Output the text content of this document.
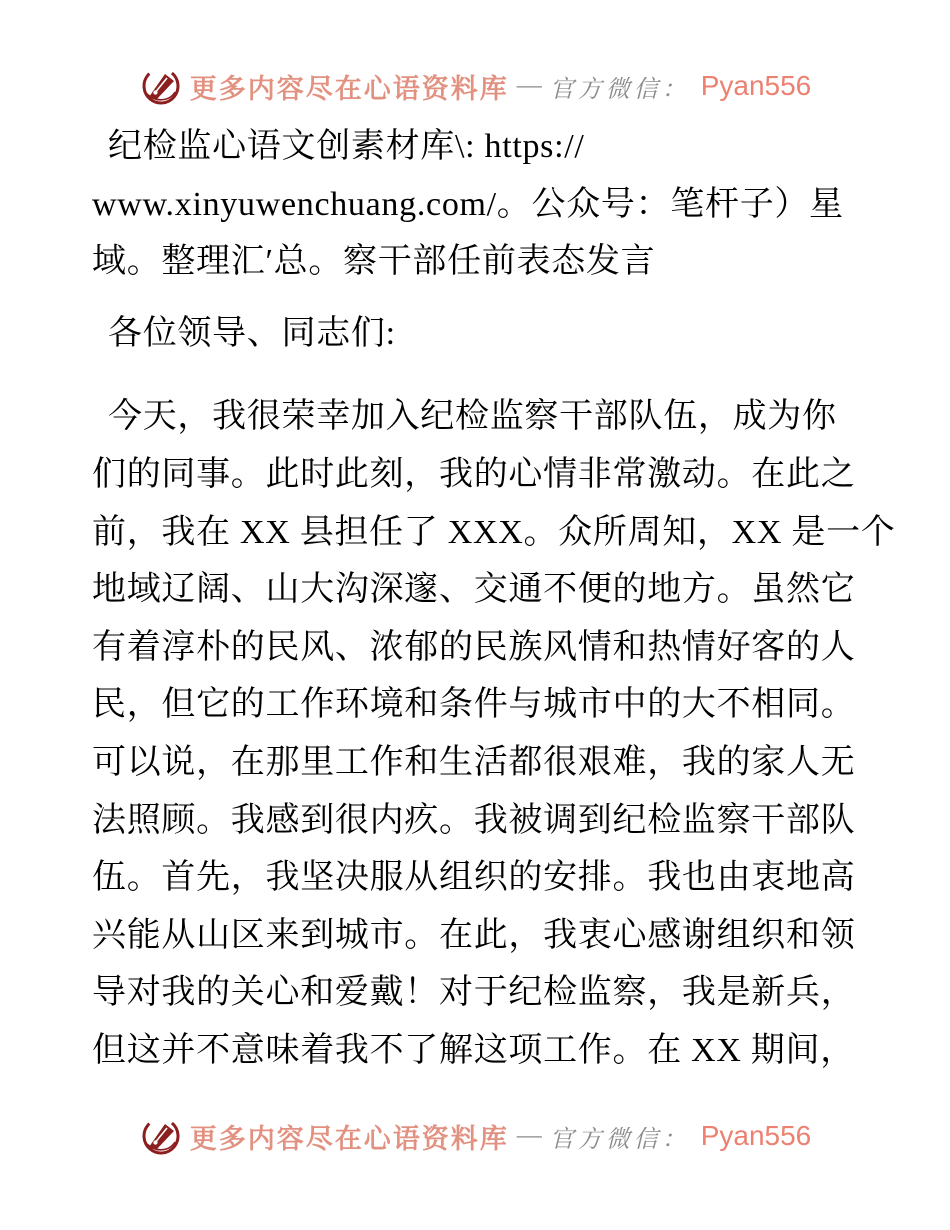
更多内容尽在心语资料库 — 官方微信： Pyan556
纪检监心语文创素材库\: https://
www.xinyuwenchuang.com/。公众号：笔杆子）星
域。整理汇′总。察干部任前表态发言
各位领导、同志们:
今天，我很荣幸加入纪检监察干部队伍，成为你
们的同事。此时此刻，我的心情非常激动。在此之
前，我在 XX 县担任了 XXX。众所周知，XX 是一个
地域辽阔、山大沟深邃、交通不便的地方。虽然它
有着淳朴的民风、浓郁的民族风情和热情好客的人
民，但它的工作环境和条件与城市中的大不相同。
可以说，在那里工作和生活都很艰难，我的家人无
法照顾。我感到很内疚。我被调到纪检监察干部队
伍。首先，我坚决服从组织的安排。我也由衷地高
兴能从山区来到城市。在此，我衷心感谢组织和领
导对我的关心和爱戴！对于纪检监察，我是新兵，
但这并不意味着我不了解这项工作。在 XX 期间，
更多内容尽在心语资料库 — 官方微信： Pyan556
